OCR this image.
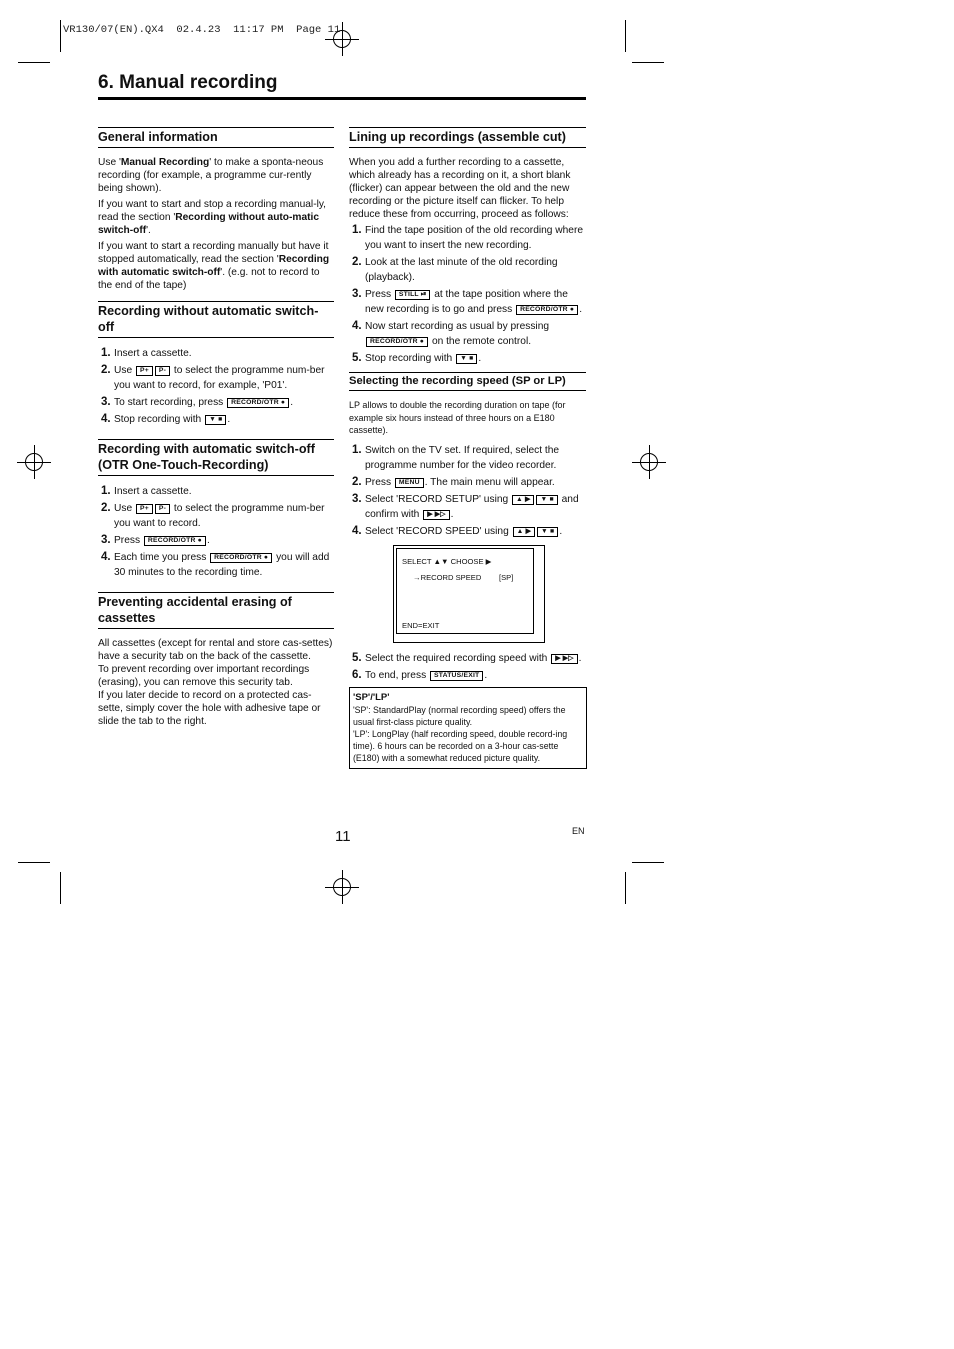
VR130/07(EN).QX4  02.4.23  11:17 PM  Page 11
6. Manual recording
General information

Use 'Manual Recording' to make a sponta-neous recording (for example, a programme cur-rently being shown).

If you want to start and stop a recording manual-ly, read the section 'Recording without auto-matic switch-off'.

If you want to start a recording manually but have it stopped automatically, read the section 'Recording with automatic switch-off'. (e.g. not to record to the end of the tape)

Recording without automatic switch-off
1. Insert a cassette.
2. Use P+ P- to select the programme num-ber you want to record, for example, 'P01'.
3. To start recording, press RECORD/OTR ● .
4. Stop recording with ▼ ■ .
Recording with automatic switch-off (OTR One-Touch-Recording)
1. Insert a cassette.
2. Use P+ P- to select the programme num-ber you want to record.
3. Press RECORD/OTR ● .
4. Each time you press RECORD/OTR ● you will add 30 minutes to the recording time.
Preventing accidental erasing of cassettes

All cassettes (except for rental and store cas-settes) have a security tab on the back of the cassette.

To prevent recording over important recordings (erasing), you can remove this security tab.

If you later decide to record on a protected cas-sette, simply cover the hole with adhesive tape or slide the tab to the right.

Lining up recordings (assemble cut)

When you add a further recording to a cassette, which already has a recording on it, a short blank (flicker) can appear between the old and the new recording or the picture itself can flicker. To help reduce these from occurring, proceed as follows:

1. Find the tape position of the old recording where you want to insert the new recording.
2. Look at the last minute of the old recording (playback).
3. Press STILL ⏯ at the tape position where the new recording is to go and press RECORD/OTR ● .
4. Now start recording as usual by pressing RECORD/OTR ● on the remote control.
5. Stop recording with ▼ ■ .
Selecting the recording speed (SP or LP)

LP allows to double the recording duration on tape (for example six hours instead of three hours on a E180 cassette).

1. Switch on the TV set. If required, select the programme number for the video recorder.
2. Press MENU . The main menu will appear.
3. Select 'RECORD SETUP' using ▲ ▶ ▼ ■ and confirm with ▶ ▶▷ .
4. Select 'RECORD SPEED' using ▲ ▶ ▼ ■ .
SELECT ▲▼ CHOOSE ▶
→RECORD SPEED [SP]
END=EXIT
5. Select the required recording speed with ▶ ▶▷ .
6. To end, press STATUS/EXIT .
'SP'/'LP'
'SP': StandardPlay (normal recording speed) offers the usual first-class picture quality.
'LP': LongPlay (half recording speed, double record-ing time). 6 hours can be recorded on a 3-hour cas-sette (E180) with a somewhat reduced picture quality.
11	EN
